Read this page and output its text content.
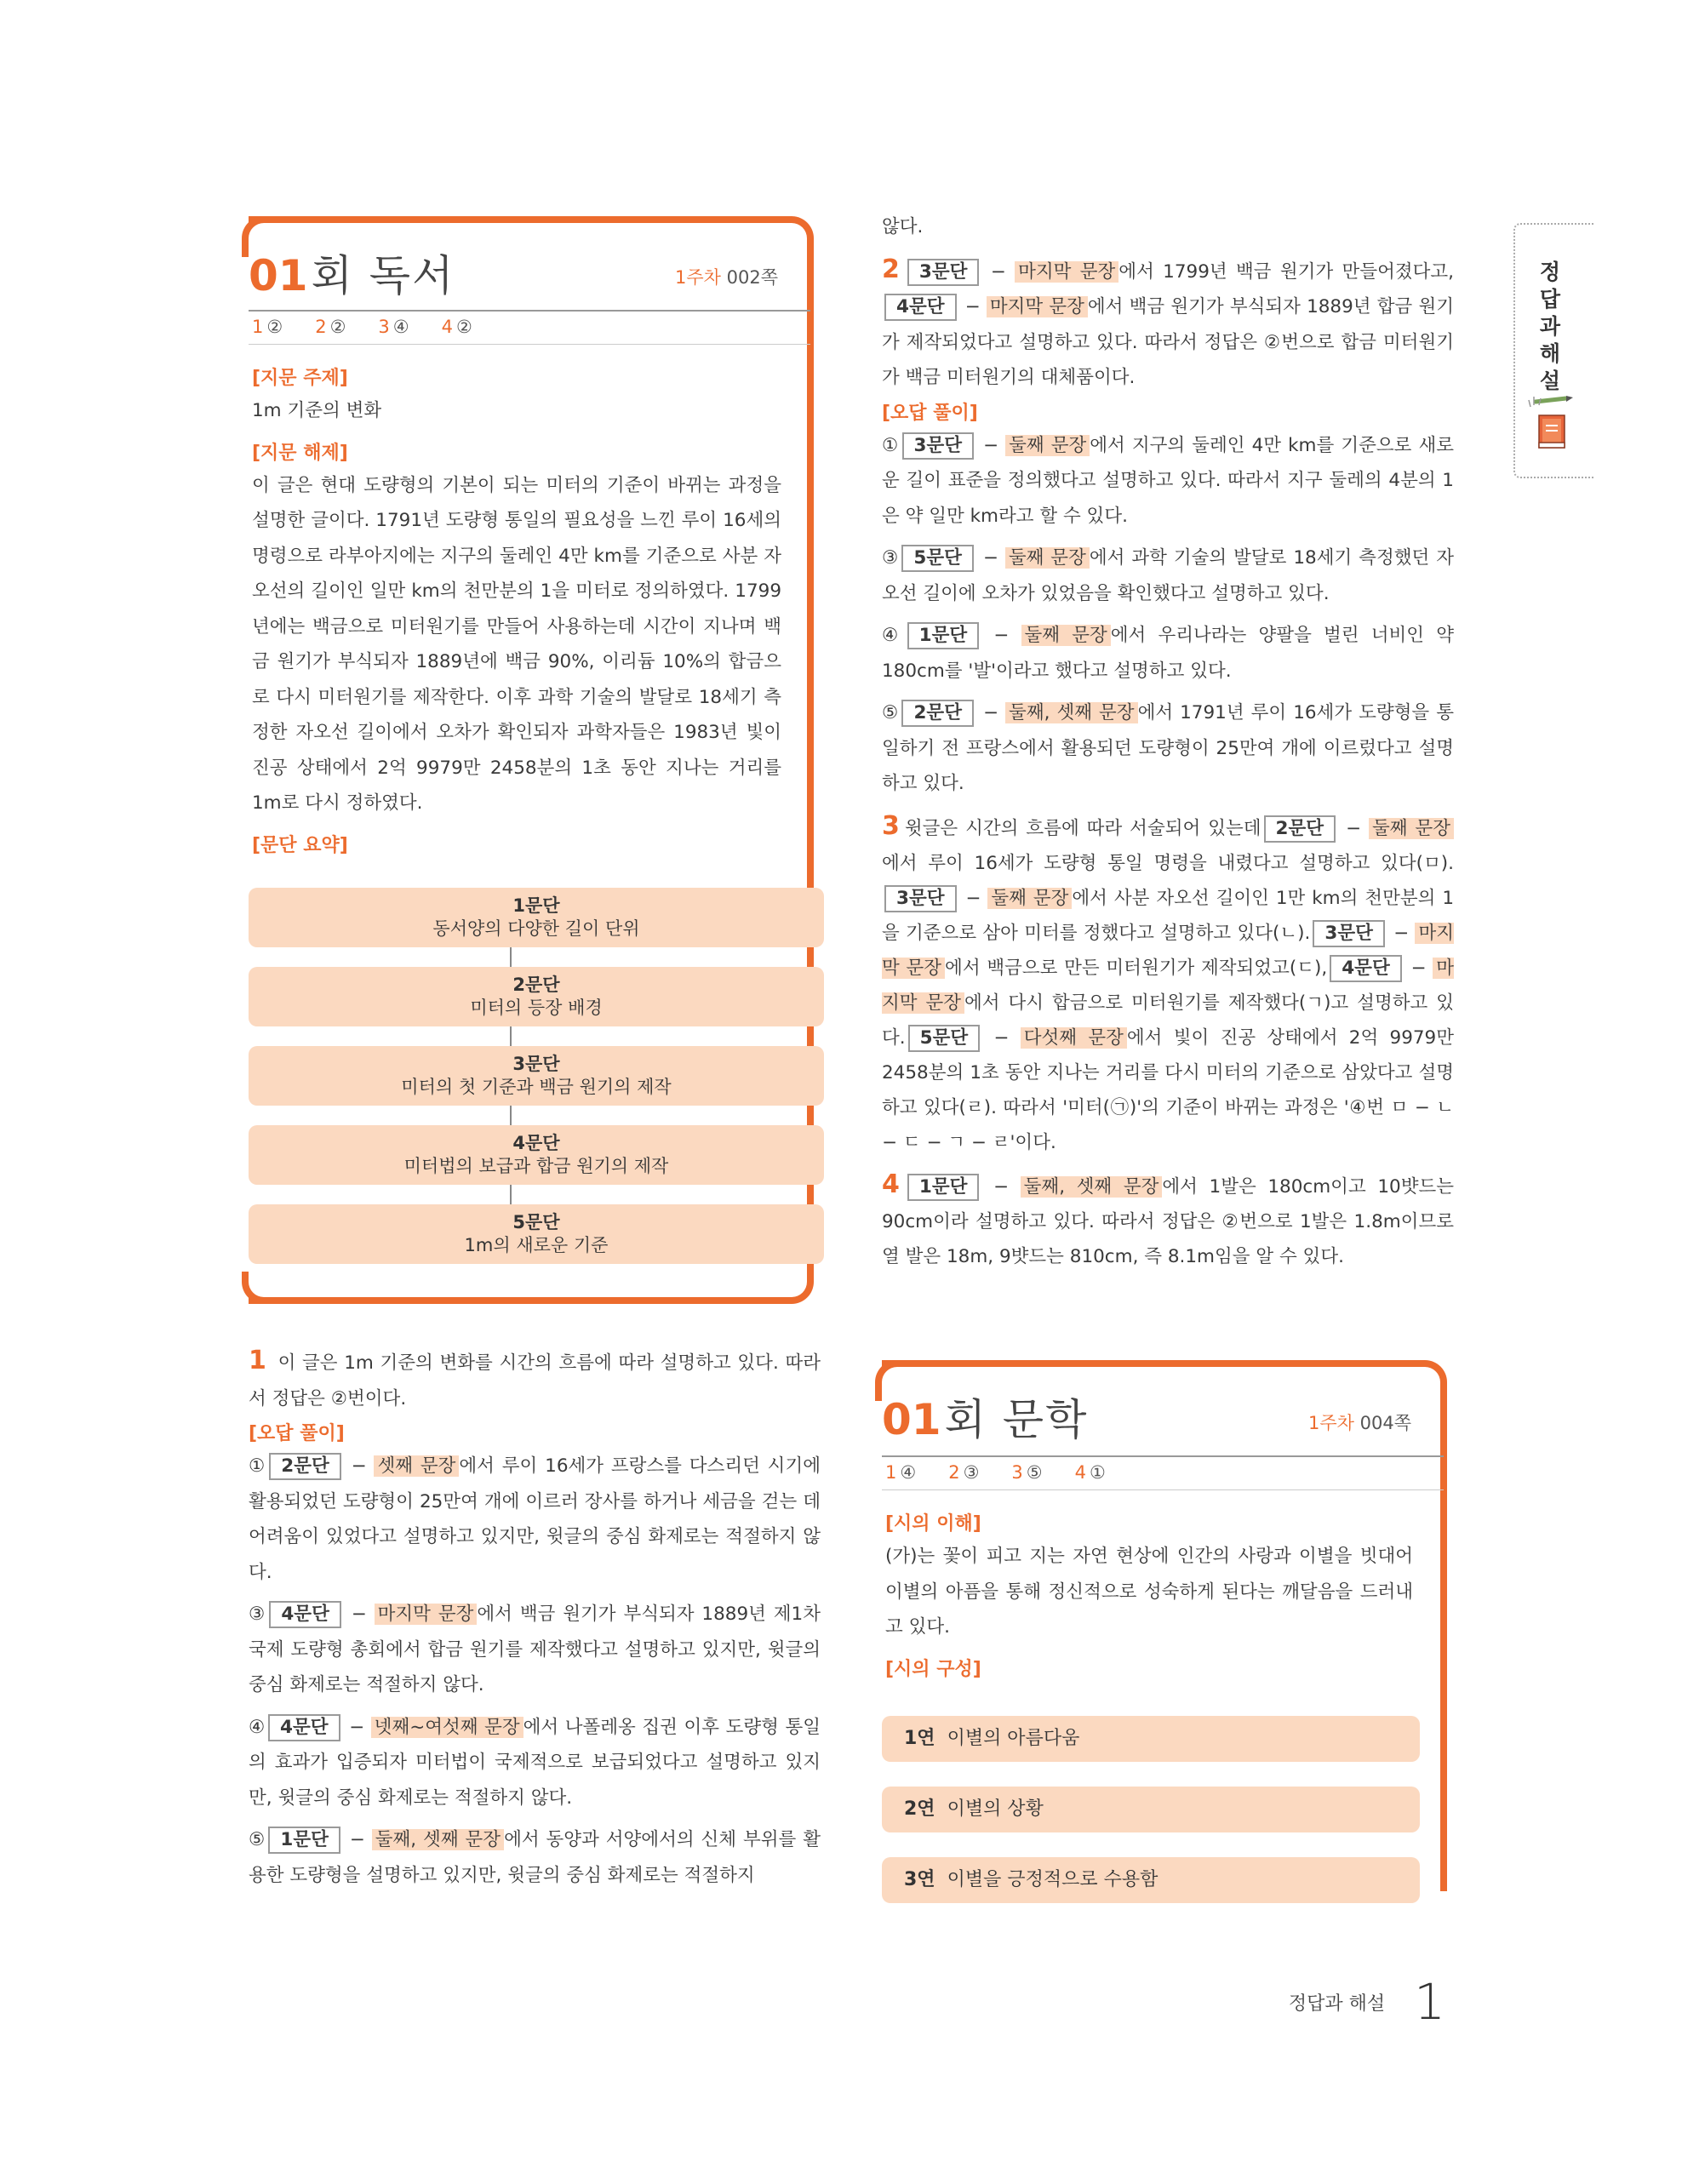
01 회 독서	1주차 002쪽
1 ② 2 ② 3 ④ 4 ②
[지문 주제]
1m 기준의 변화
[지문 해제]
이 글은 현대 도량형의 기본이 되는 미터의 기준이 바뀌는 과정을 설명한 글이다. 1791년 도량형 통일의 필요성을 느낀 루이 16세의 명령으로 라부아지에는 지구의 둘레인 4만 km를 기준으로 사분 자오선의 길이인 일만 km의 천만분의 1을 미터로 정의하였다. 1799년에는 백금으로 미터원기를 만들어 사용하는데 시간이 지나며 백금 원기가 부식되자 1889년에 백금 90%, 이리듐 10%의 합금으로 다시 미터원기를 제작한다. 이후 과학 기술의 발달로 18세기 측정한 자오선 길이에서 오차가 확인되자 과학자들은 1983년 빛이 진공 상태에서 2억 9979만 2458분의 1초 동안 지나는 거리를 1m로 다시 정하였다.
[문단 요약]
1문단
동서양의 다양한 길이 단위
2문단
미터의 등장 배경
3문단
미터의 첫 기준과 백금 원기의 제작
4문단
미터법의 보급과 합금 원기의 제작
5문단
1m의 새로운 기준
1 이 글은 1m 기준의 변화를 시간의 흐름에 따라 설명하고 있다. 따라서 정답은 ②번이다.
[오답 풀이]
① 2문단 − 셋째 문장 에서 루이 16세가 프랑스를 다스리던 시기에 활용되었던 도량형이 25만여 개에 이르러 장사를 하거나 세금을 걷는 데 어려움이 있었다고 설명하고 있지만, 윗글의 중심 화제로는 적절하지 않다.
③ 4문단 − 마지막 문장 에서 백금 원기가 부식되자 1889년 제1차 국제 도량형 총회에서 합금 원기를 제작했다고 설명하고 있지만, 윗글의 중심 화제로는 적절하지 않다.
④ 4문단 − 넷째~여섯째 문장 에서 나폴레옹 집권 이후 도량형 통일의 효과가 입증되자 미터법이 국제적으로 보급되었다고 설명하고 있지만, 윗글의 중심 화제로는 적절하지 않다.
⑤ 1문단 − 둘째, 셋째 문장 에서 동양과 서양에서의 신체 부위를 활용한 도량형을 설명하고 있지만, 윗글의 중심 화제로는 적절하지
않다.
2 3문단 − 마지막 문장 에서 1799년 백금 원기가 만들어졌다고,4문단 − 마지막 문장 에서 백금 원기가 부식되자 1889년 합금 원기가 제작되었다고 설명하고 있다. 따라서 정답은 ②번으로 합금 미터원기가 백금 미터원기의 대체품이다.
[오답 풀이]
① 3문단 − 둘째 문장 에서 지구의 둘레인 4만 km를 기준으로 새로운 길이 표준을 정의했다고 설명하고 있다. 따라서 지구 둘레의 4분의 1은 약 일만 km라고 할 수 있다.
③ 5문단 − 둘째 문장 에서 과학 기술의 발달로 18세기 측정했던 자오선 길이에 오차가 있었음을 확인했다고 설명하고 있다.
④ 1문단 − 둘째 문장 에서 우리나라는 양팔을 벌린 너비인 약 180cm를 '발'이라고 했다고 설명하고 있다.
⑤ 2문단 − 둘째, 셋째 문장 에서 1791년 루이 16세가 도량형을 통일하기 전 프랑스에서 활용되던 도량형이 25만여 개에 이르렀다고 설명하고 있다.
3 윗글은 시간의 흐름에 따라 서술되어 있는데 2문단 − 둘째 문장에서 루이 16세가 도량형 통일 명령을 내렸다고 설명하고 있다(ㅁ).3문단 − 둘째 문장 에서 사분 자오선 길이인 1만 km의 천만분의 1을 기준으로 삼아 미터를 정했다고 설명하고 있다(ㄴ). 3문단 − 마지막 문장 에서 백금으로 만든 미터원기가 제작되었고(ㄷ), 4문단 − 마지막 문장 에서 다시 합금으로 미터원기를 제작했다(ㄱ)고 설명하고 있다. 5문단 − 다섯째 문장 에서 빛이 진공 상태에서 2억 9979만 2458분의 1초 동안 지나는 거리를 다시 미터의 기준으로 삼았다고 설명하고 있다(ㄹ). 따라서 '미터(㉠)'의 기준이 바뀌는 과정은 '④번 ㅁ − ㄴ − ㄷ − ㄱ − ㄹ'이다.
4 1문단 − 둘째, 셋째 문장 에서 1발은 180cm이고 10뱟드는 90cm이라 설명하고 있다. 따라서 정답은 ②번으로 1발은 1.8m이므로 열 발은 18m, 9뱟드는 810cm, 즉 8.1m임을 알 수 있다.
01 회 문학	1주차 004쪽
1 ④ 2 ③ 3 ⑤ 4 ①
[시의 이해]
(가)는 꽃이 피고 지는 자연 현상에 인간의 사랑과 이별을 빗대어 이별의 아픔을 통해 정신적으로 성숙하게 된다는 깨달음을 드러내고 있다.
[시의 구성]
1연 이별의 아름다움
2연 이별의 상황
3연 이별을 긍정적으로 수용함
정답과해설
정답과 해설 1
